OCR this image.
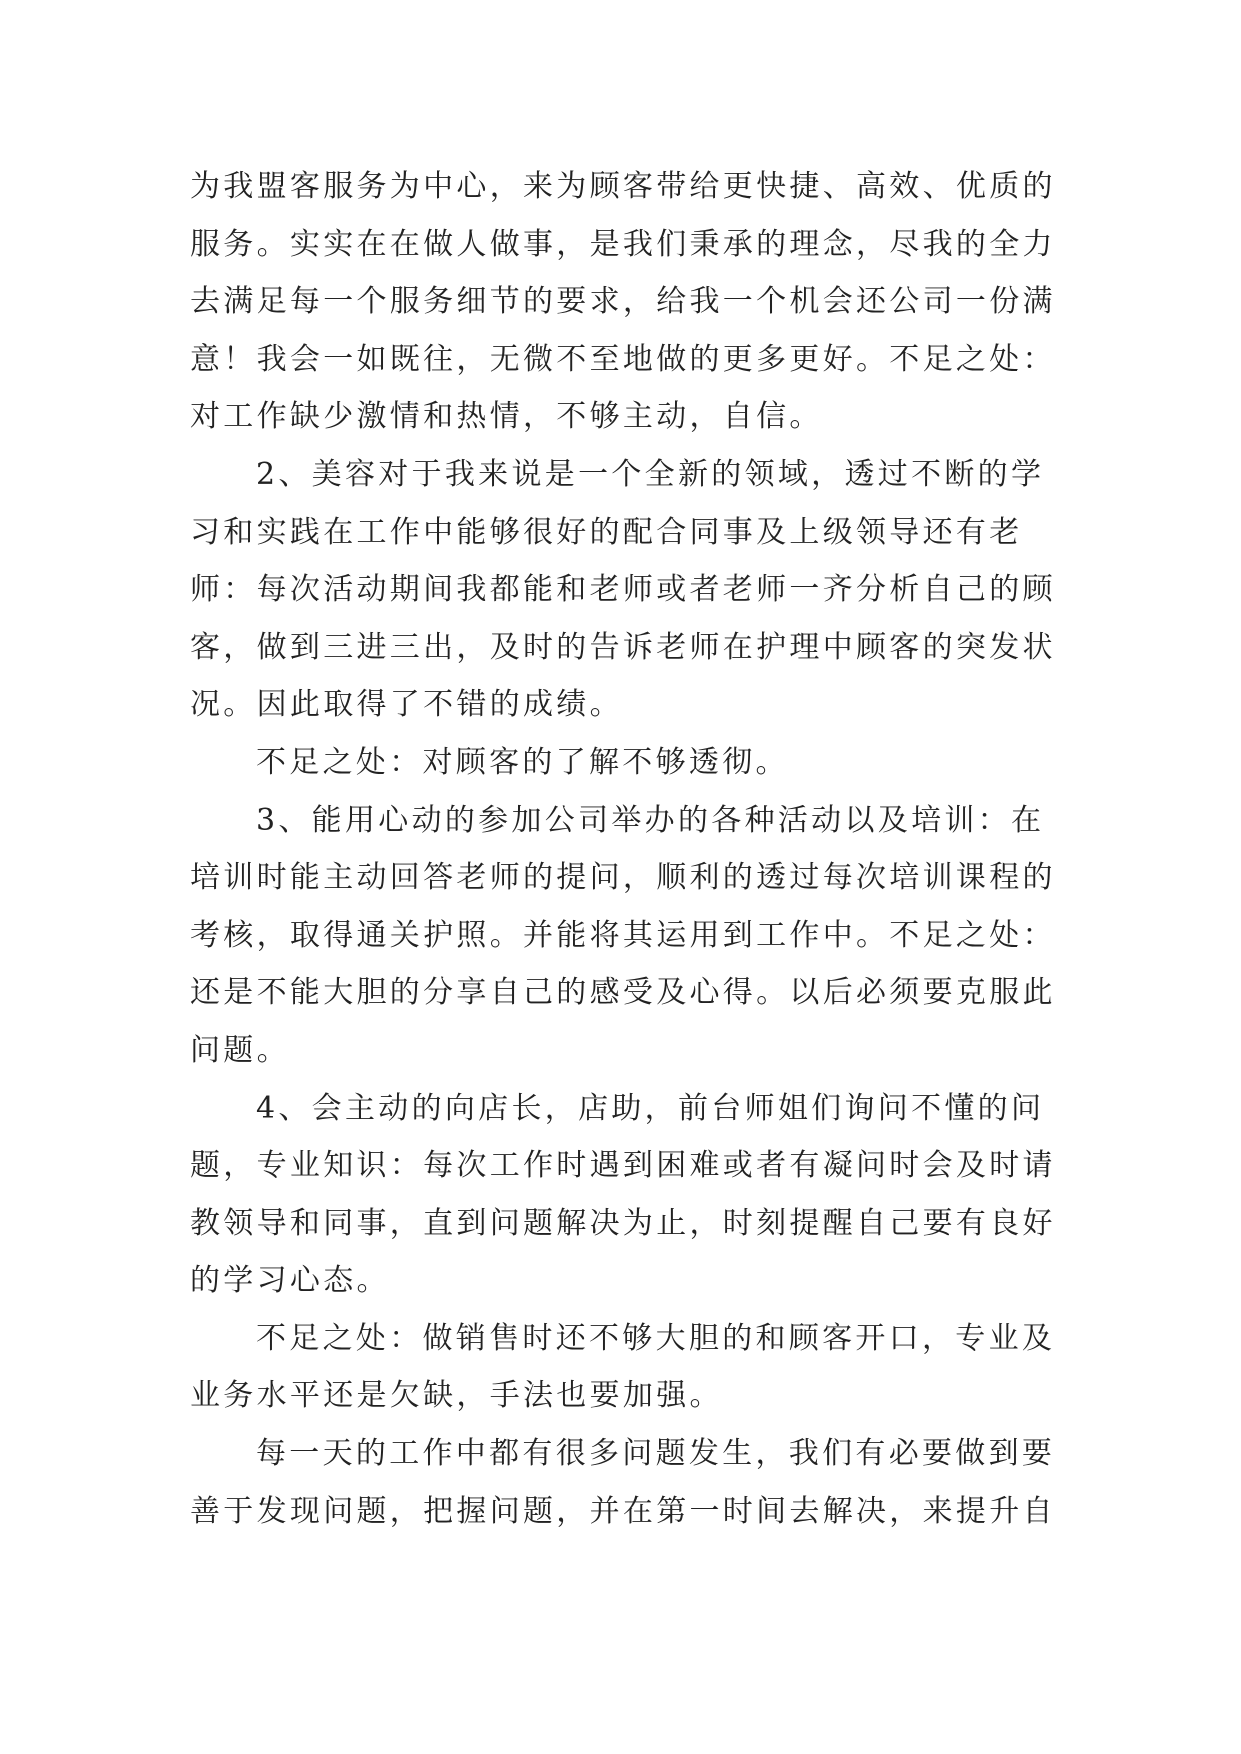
为我盟客服务为中心，来为顾客带给更快捷、高效、优质的
服务。实实在在做人做事，是我们秉承的理念，尽我的全力
去满足每一个服务细节的要求，给我一个机会还公司一份满
意！我会一如既往，无微不至地做的更多更好。不足之处：
对工作缺少激情和热情，不够主动，自信。
2、美容对于我来说是一个全新的领域，透过不断的学
习和实践在工作中能够很好的配合同事及上级领导还有老
师：每次活动期间我都能和老师或者老师一齐分析自己的顾
客，做到三进三出，及时的告诉老师在护理中顾客的突发状
况。因此取得了不错的成绩。
不足之处：对顾客的了解不够透彻。
3、能用心动的参加公司举办的各种活动以及培训：在
培训时能主动回答老师的提问，顺利的透过每次培训课程的
考核，取得通关护照。并能将其运用到工作中。不足之处：
还是不能大胆的分享自己的感受及心得。以后必须要克服此
问题。
4、会主动的向店长，店助，前台师姐们询问不懂的问
题，专业知识：每次工作时遇到困难或者有凝问时会及时请
教领导和同事，直到问题解决为止，时刻提醒自己要有良好
的学习心态。
不足之处：做销售时还不够大胆的和顾客开口，专业及
业务水平还是欠缺，手法也要加强。
每一天的工作中都有很多问题发生，我们有必要做到要
善于发现问题，把握问题，并在第一时间去解决，来提升自
